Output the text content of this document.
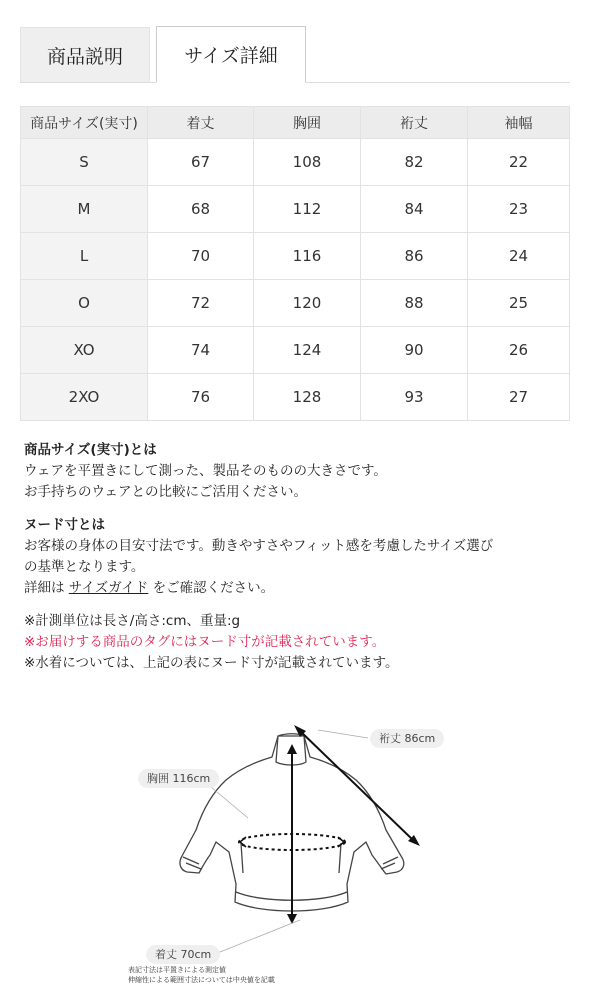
商品説明	サイズ詳細
商品サイズ(実寸)	着丈	胸囲	裄丈	袖幅
S	67	108	82	22
M	68	112	84	23
L	70	116	86	24
O	72	120	88	25
XO	74	124	90	26
2XO	76	128	93	27
商品サイズ(実寸)とは
ウェアを平置きにして測った、製品そのものの大きさです。
お手持ちのウェアとの比較にご活用ください。
ヌード寸とは
お客様の身体の目安寸法です。動きやすさやフィット感を考慮したサイズ選び
の基準となります。
詳細は サイズガイド をご確認ください。
※計測単位は長さ/高さ:cm、重量:g
※お届けする商品のタグにはヌード寸が記載されています。
※水着については、上記の表にヌード寸が記載されています。
裄丈 86cm
胸囲 116cm
着丈 70cm
表記寸法は平置きによる測定値
伸縮性による範囲寸法については中央値を記載
